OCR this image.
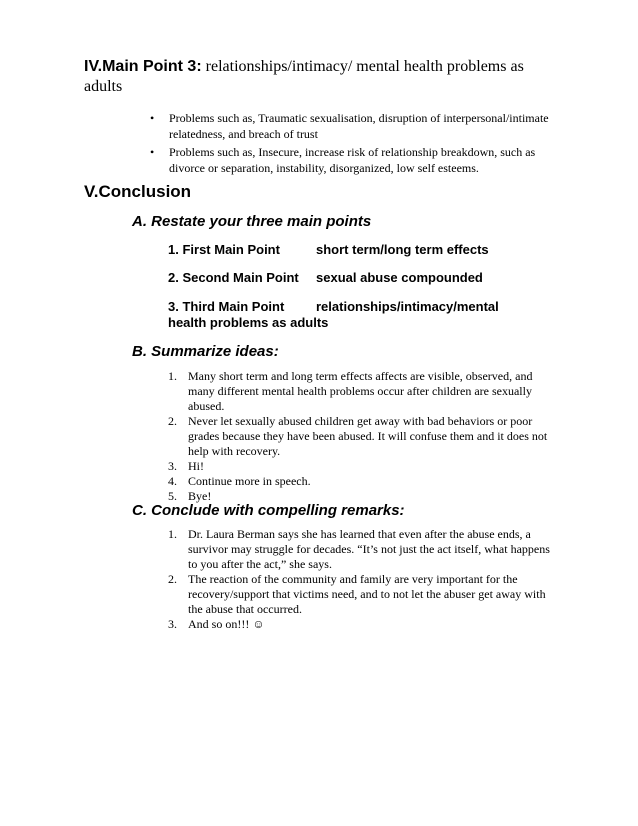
IV.Main Point 3: relationships/intimacy/ mental health problems as adults
• Problems such as, Traumatic sexualisation, disruption of interpersonal/intimate relatedness, and breach of trust
• Problems such as, Insecure, increase risk of relationship breakdown, such as divorce or separation, instability, disorganized, low self esteems.
V.Conclusion
A. Restate your three main points
1. First Main Point	short term/long term effects
2. Second Main Point sexual abuse compounded
3. Third Main Point relationships/intimacy/mental
health problems as adults
B. Summarize ideas:
1. Many short term and long term effects affects are visible, observed, and many different mental health problems occur after children are sexually abused.
2. Never let sexually abused children get away with bad behaviors or poor grades because they have been abused. It will confuse them and it does not help with recovery.
3. Hi!
4. Continue more in speech.
5. Bye!
C. Conclude with compelling remarks:
1. Dr. Laura Berman says she has learned that even after the abuse ends, a survivor may struggle for decades. “It’s not just the act itself, what happens to you after the act,” she says.
2. The reaction of the community and family are very important for the recovery/support that victims need, and to not let the abuser get away with the abuse that occurred.
3. And so on!!! ☺
